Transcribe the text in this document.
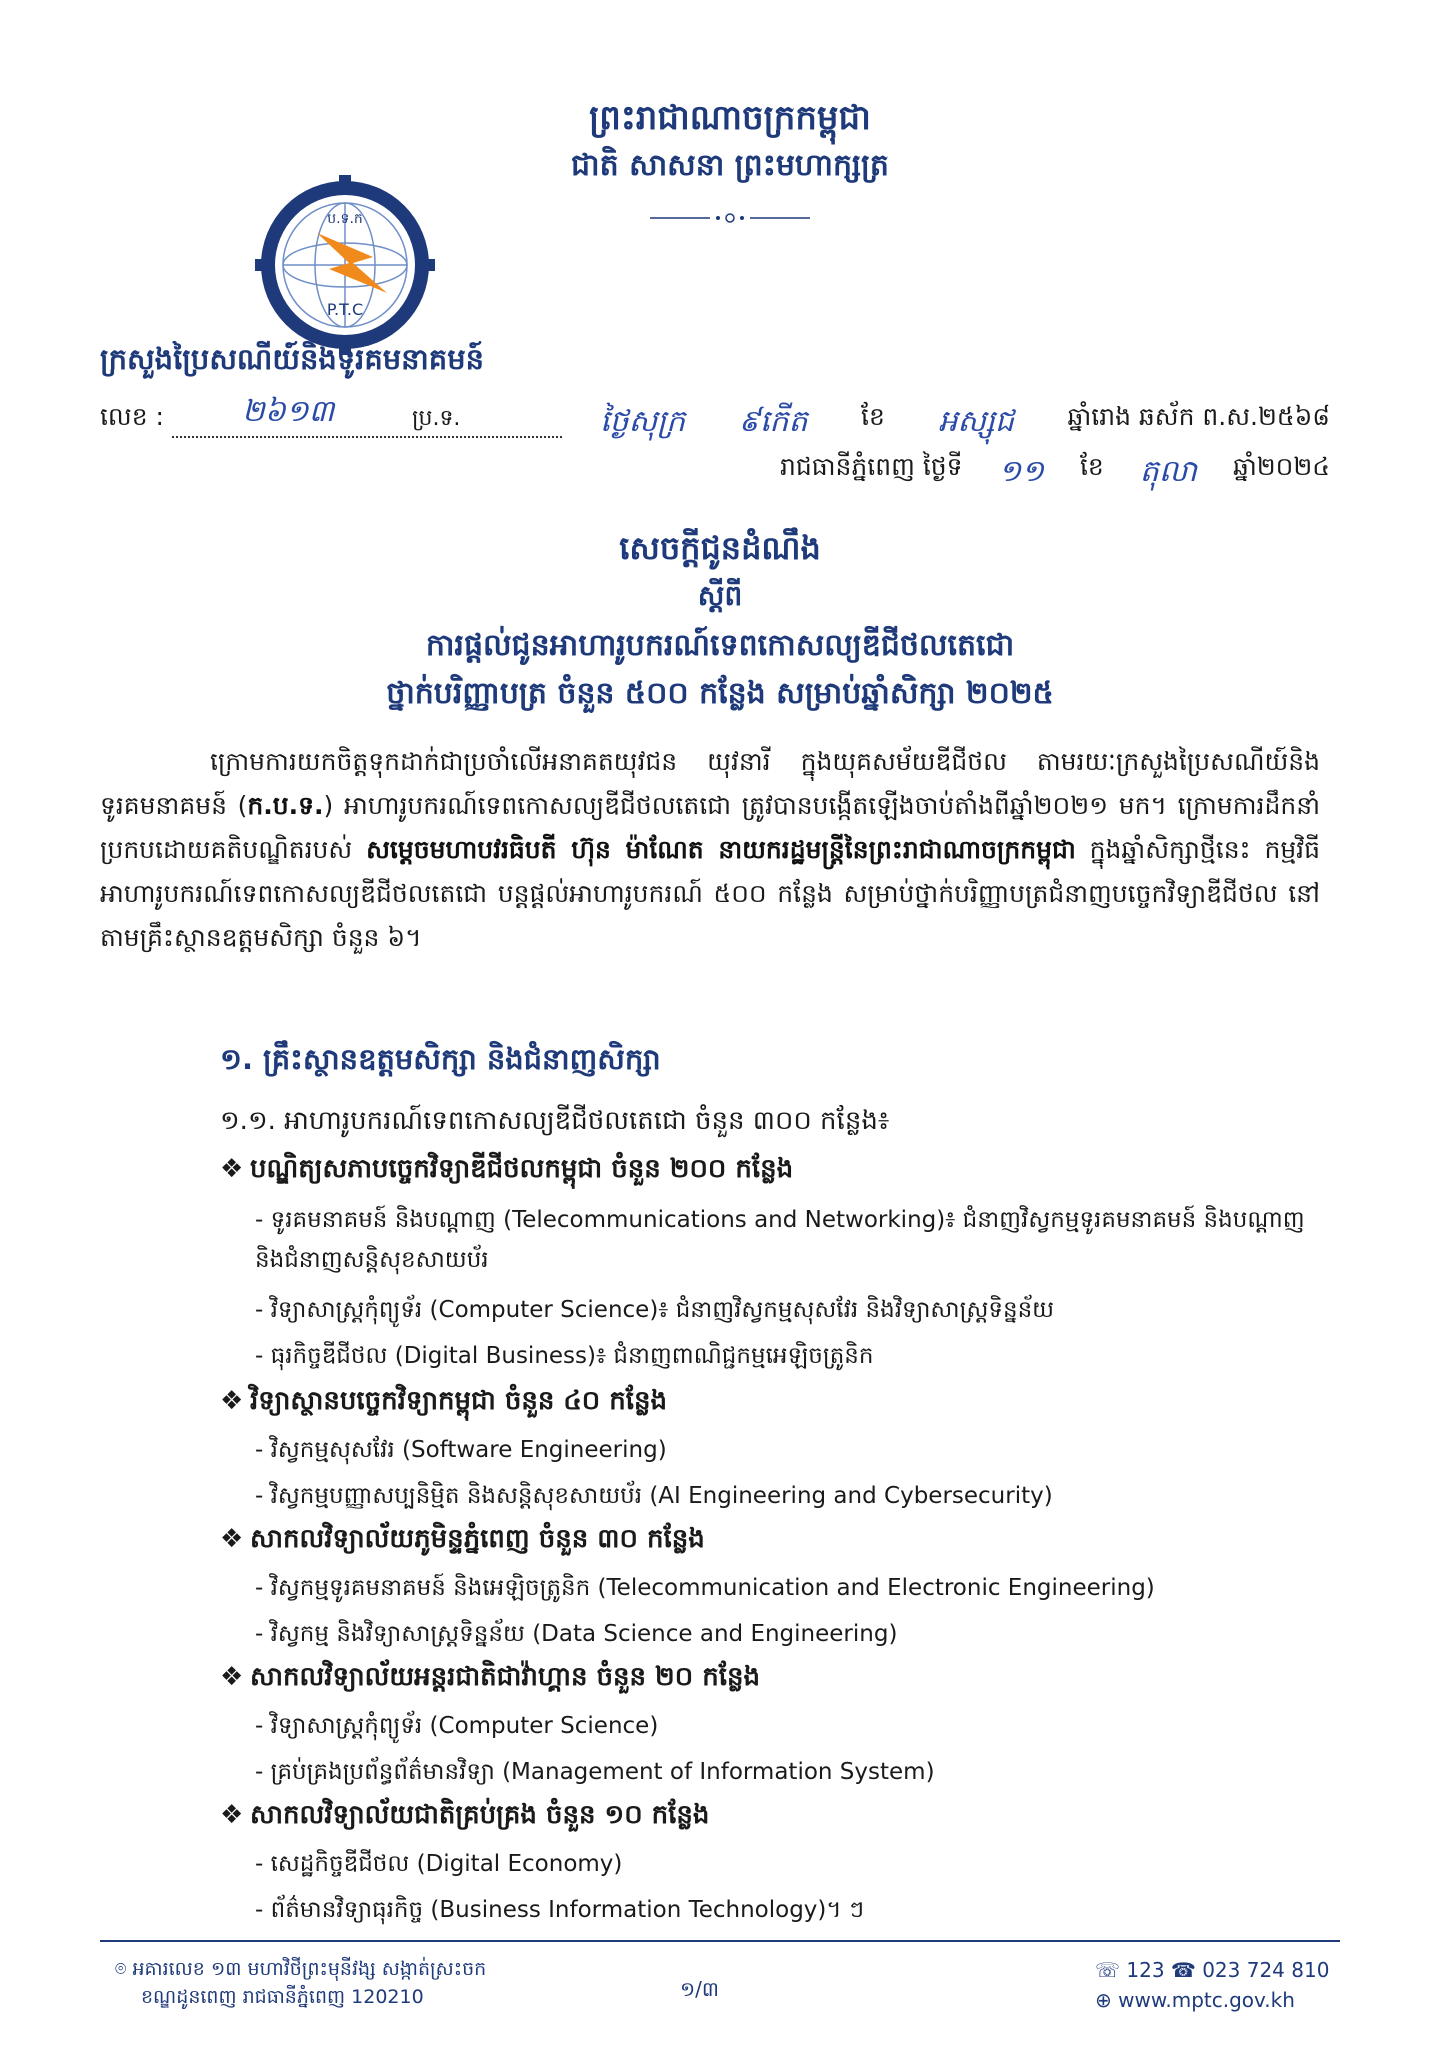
ព្រះរាជាណាចក្រកម្ពុជា
ជាតិ សាសនា ព្រះមហាក្សត្រ
ប.ទ.ក
P.T.C
ក្រសួងប្រៃសណីយ៍និងទូរគមនាគមន៍
លេខ :	២៦១៣	ប្រ.ទ.	ថ្ងៃសុក្រ ៩កើត ខែ អស្សុជ ឆ្នាំរោង ឆស័ក ព.ស.២៥៦៨
រាជធានីភ្នំពេញ ថ្ងៃទី ១១ ខែ តុលា ឆ្នាំ២០២៤
សេចក្តីជូនដំណឹង
ស្តីពី
ការផ្តល់ជូនអាហារូបករណ៍ទេពកោសល្យឌីជីថលតេជោ
ថ្នាក់បរិញ្ញាបត្រ ចំនួន ៥០០ កន្លែង សម្រាប់ឆ្នាំសិក្សា ២០២៥
ក្រោមការយកចិត្តទុកដាក់ជាប្រចាំលើអនាគតយុវជន យុវនារី ក្នុងយុគសម័យឌីជីថល តាមរយៈក្រសួងប្រៃសណីយ៍និងទូរគមនាគមន៍ (ក.ប.ទ.) អាហារូបករណ៍ទេពកោសល្យឌីជីថលតេជោ ត្រូវបានបង្កើតឡើងចាប់តាំងពីឆ្នាំ២០២១ មក។ ក្រោមការដឹកនាំប្រកបដោយគតិបណ្ឌិតរបស់ សម្តេចមហាបវរធិបតី ហ៊ុន ម៉ាណែត នាយករដ្ឋមន្ត្រីនៃព្រះរាជាណាចក្រកម្ពុជា ក្នុងឆ្នាំសិក្សាថ្មីនេះ កម្មវិធីអាហារូបករណ៍ទេពកោសល្យឌីជីថលតេជោ បន្តផ្តល់អាហារូបករណ៍ ៥០០ កន្លែង សម្រាប់ថ្នាក់បរិញ្ញាបត្រជំនាញបច្ចេកវិទ្យាឌីជីថល នៅតាមគ្រឹះស្ថានឧត្តមសិក្សា ចំនួន ៦។
១. គ្រឹះស្ថានឧត្តមសិក្សា និងជំនាញសិក្សា
១.១. អាហារូបករណ៍ទេពកោសល្យឌីជីថលតេជោ ចំនួន ៣០០ កន្លែង៖
❖ បណ្ឌិត្យសភាបច្ចេកវិទ្យាឌីជីថលកម្ពុជា ចំនួន ២០០ កន្លែង
- ទូរគមនាគមន៍ និងបណ្តាញ (Telecommunications and Networking)៖ ជំនាញវិស្វកម្មទូរគមនាគមន៍ និងបណ្តាញ និងជំនាញសន្តិសុខសាយប័រ
- វិទ្យាសាស្ត្រកុំព្យូទ័រ (Computer Science)៖ ជំនាញវិស្វកម្មសុសវែរ និងវិទ្យាសាស្ត្រទិន្នន័យ
- ធុរកិច្ចឌីជីថល (Digital Business)៖ ជំនាញពាណិជ្ជកម្មអេឡិចត្រូនិក
❖ វិទ្យាស្ថានបច្ចេកវិទ្យាកម្ពុជា ចំនួន ៤០ កន្លែង
- វិស្វកម្មសុសវែរ (Software Engineering)
- វិស្វកម្មបញ្ញាសប្បនិម្មិត និងសន្តិសុខសាយប័រ (AI Engineering and Cybersecurity)
❖ សាកលវិទ្យាល័យភូមិន្ទភ្នំពេញ ចំនួន ៣០ កន្លែង
- វិស្វកម្មទូរគមនាគមន៍ និងអេឡិចត្រូនិក (Telecommunication and Electronic Engineering)
- វិស្វកម្ម និងវិទ្យាសាស្ត្រទិន្នន័យ (Data Science and Engineering)
❖ សាកលវិទ្យាល័យអន្តរជាតិជាវ៉ាហ្គាន ចំនួន ២០ កន្លែង
- វិទ្យាសាស្ត្រកុំព្យូទ័រ (Computer Science)
- គ្រប់គ្រងប្រព័ន្ធព័ត៌មានវិទ្យា (Management of Information System)
❖ សាកលវិទ្យាល័យជាតិគ្រប់គ្រង ចំនួន ១០ កន្លែង
- សេដ្ឋកិច្ចឌីជីថល (Digital Economy)
- ព័ត៌មានវិទ្យាធុរកិច្ច (Business Information Technology)។ ៗ
⌾ អគារលេខ ១៣ មហាវិថីព្រះមុនីវង្ស សង្កាត់ស្រះចក
ខណ្ឌដូនពេញ រាជធានីភ្នំពេញ 120210	១/៣
☏ 123 ☎ 023 724 810
⊕ www.mptc.gov.kh
